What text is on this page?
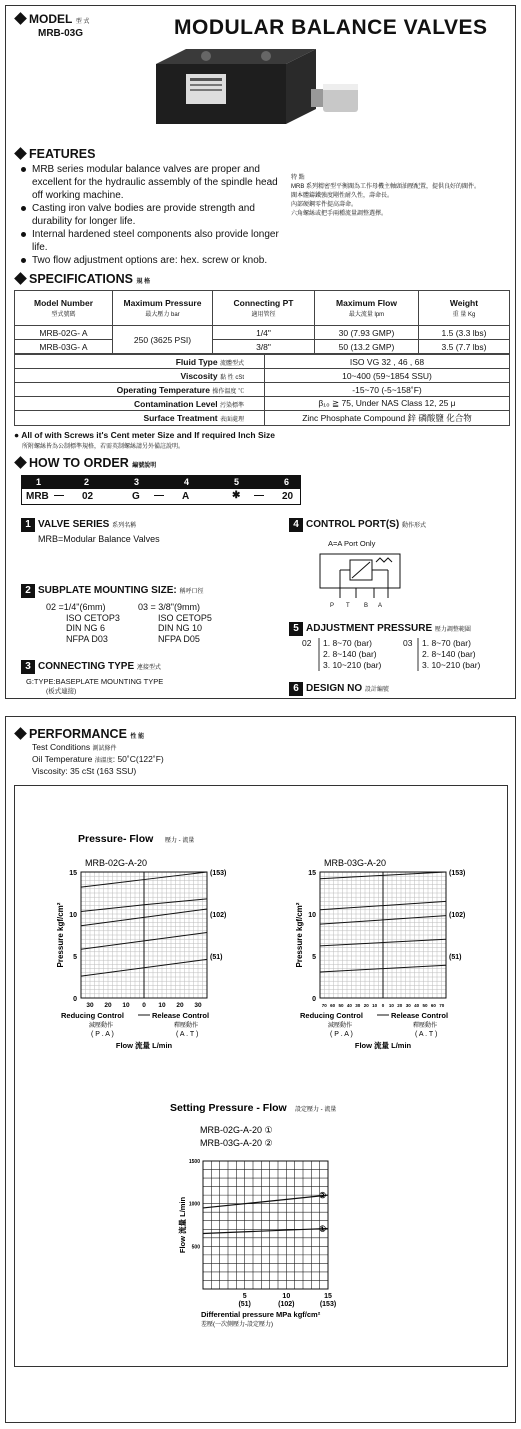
MODEL 型 式
MRB-03G	MODULAR BALANCE VALVES
FEATURES
MRB series modular balance valves are proper and excellent for the hydraulic assembly of the spindle head off working machine.
Casting iron valve bodies are provide strength and durability for longer life.
Internal hardened steel components also provide longer life.
Two flow adjustment options are: hex. screw or knob.
特 點
MRB 系列精密型平衡閥為工作母機主軸頭油壓配置，提供良好的閥件。
閥本體鑄鐵強度剛性耐久性，壽命長。
內部硬鋼零件提高壽命。
六角螺絲或把手兩種流量調整選擇。
SPECIFICATIONS 規 格
Model Number
型式號碼	Maximum Pressure
最大壓力 bar	Connecting PT
適用管徑	Maximum Flow
最大流量 lpm	Weight
重 量 Kg
MRB-02G- A	250 (3625 PSI)	1/4"	30 (7.93 GMP)	1.5 (3.3 lbs)
MRB-03G- A		3/8"	50 (13.2 GMP)	3.5 (7.7 lbs)
Fluid Type 流體型式	ISO VG 32 , 46 , 68
Viscosity 黏 性 cSt	10~400 (59~1854 SSU)
Operating Temperature 操作溫度 ℃	-15~70 (-5~158˚F)
Contamination Level 污染標準	β₁₀ ≧ 75, Under NAS Class 12, 25 μ
Surface Treatment 表面處理	Zinc Phosphate Compound 鋅 磷酸鹽 化合物
● All of with Screws it's Cent meter Size and If required Inch Size
所附螺絲皆為公制標準規格，若需英制螺絲請另外備註說明。
HOW TO ORDER 編號說明
1	2	3	4	5	6
MRB — 02	G — A	✱ — 20
1 VALVE SERIES 系列名稱
MRB=Modular Balance Valves
2 SUBPLATE MOUNTING SIZE: 稱呼口徑
02 =1/4"(6mm)
ISO CETOP3
DIN NG 6
NFPA D03
03 = 3/8"(9mm)
ISO CETOP5
DIN NG 10
NFPA D05
3 CONNECTING TYPE 連接型式
G:TYPE:BASEPLATE MOUNTING TYPE
(板式連接)
4 CONTROL PORT(S) 動作形式
A=A Port Only
P T B A
5 ADJUSTMENT PRESSURE 壓力調整範圍
02 1. 8~70 (bar)
2. 8~140 (bar)
3. 10~210 (bar)
03 1. 8~70 (bar)
2. 8~140 (bar)
3. 10~210 (bar)
6 DESIGN NO 設計編號
PERFORMANCE 性 能
Test Conditions 測試條件
Oil Temperature 油溫度: 50˚C(122˚F)
Viscosity: 35 cSt (163 SSU)
Pressure- Flow 壓力 - 流量
0
5
10
15
30 20 10 0 10 20 30
(153)
(102)
(51)
MRB-02G-A-20
Pressure kgf/cm²
Reducing Control	Release Control
減壓動作	釋壓動作
( P . A )	( A . T )
Flow 流量 L/min
0
5
10
15
70 60 50 40 30 20 10 0 10 20 30 40 50 60 70
(153)
(102)
(51)
MRB-03G-A-20
Pressure kgf/cm²
Reducing Control	Release Control
減壓動作	釋壓動作
( P . A )	( A . T )
Flow 流量 L/min
Setting Pressure - Flow 設定壓力 - 流量
MRB-02G-A-20 ①
MRB-03G-A-20 ②
①
②
500
1000
1500
5	10	15
(51)	(102)	(153)
Flow 流量 L/min
Differential pressure MPa kgf/cm²
差壓(一次側壓力-設定壓力)
